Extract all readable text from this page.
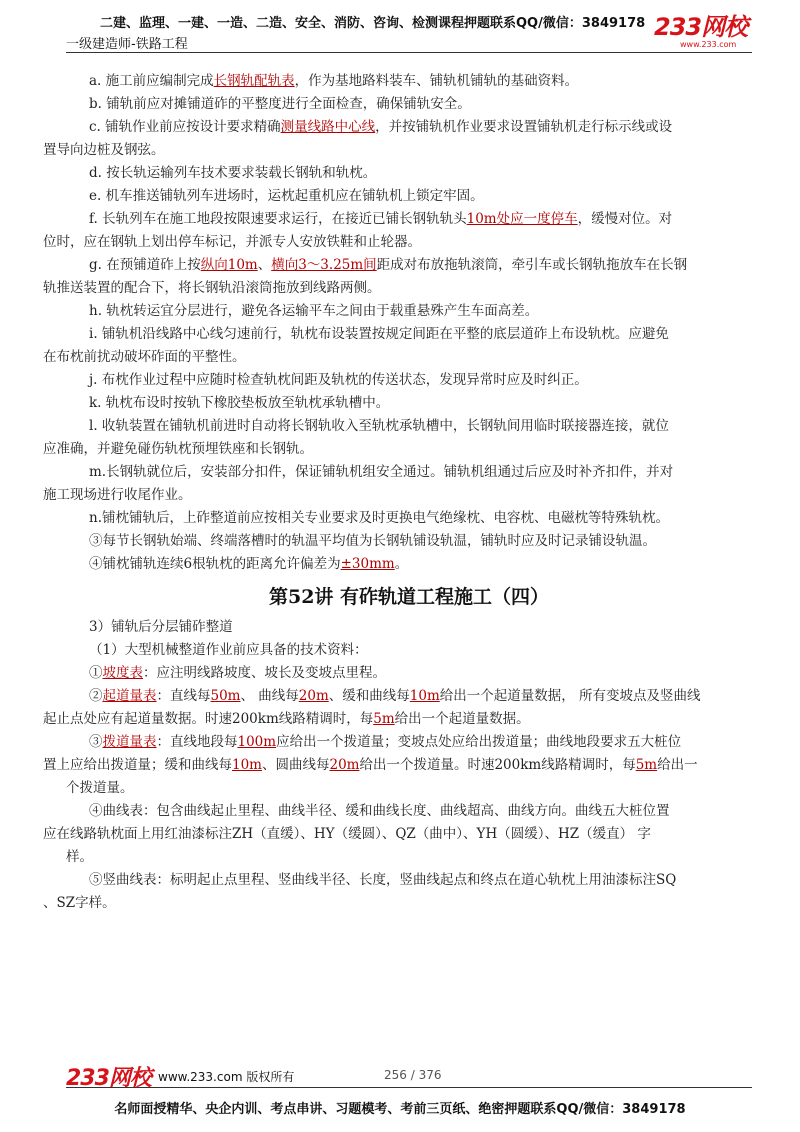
二建、监理、一建、一造、二造、安全、消防、咨询、检测课程押题联系QQ/微信：3849178
一级建造师-铁路工程
233网校
www.233.com
a. 施工前应编制完成长钢轨配轨表，作为基地路料装车、铺轨机铺轨的基础资料。
b. 铺轨前应对摊铺道砟的平整度进行全面检查，确保铺轨安全。
c. 铺轨作业前应按设计要求精确测量线路中心线，并按铺轨机作业要求设置铺轨机走行标示线或设
置导向边桩及钢弦。
d. 按长轨运输列车技术要求装载长钢轨和轨枕。
e. 机车推送铺轨列车进场时，运枕起重机应在铺轨机上锁定牢固。
f. 长轨列车在施工地段按限速要求运行，在接近已铺长钢轨轨头10m处应一度停车，缓慢对位。对
位时，应在钢轨上划出停车标记，并派专人安放铁鞋和止轮器。
g. 在预铺道砟上按纵向10m、横向3～3.25m间距成对布放拖轨滚筒，牵引车或长钢轨拖放车在长钢
轨推送装置的配合下，将长钢轨沿滚筒拖放到线路两侧。
h. 轨枕转运宜分层进行，避免各运输平车之间由于载重悬殊产生车面高差。
i. 铺轨机沿线路中心线匀速前行，轨枕布设装置按规定间距在平整的底层道砟上布设轨枕。应避免
在布枕前扰动破坏砟面的平整性。
j. 布枕作业过程中应随时检查轨枕间距及轨枕的传送状态，发现异常时应及时纠正。
k. 轨枕布设时按轨下橡胶垫板放至轨枕承轨槽中。
l. 收轨装置在铺轨机前进时自动将长钢轨收入至轨枕承轨槽中，长钢轨间用临时联接器连接，就位
应准确，并避免碰伤轨枕预埋铁座和长钢轨。
m.长钢轨就位后，安装部分扣件，保证铺轨机组安全通过。铺轨机组通过后应及时补齐扣件，并对
施工现场进行收尾作业。
n.铺枕铺轨后，上砟整道前应按相关专业要求及时更换电气绝缘枕、电容枕、电磁枕等特殊轨枕。
③每节长钢轨始端、终端落槽时的轨温平均值为长钢轨铺设轨温，铺轨时应及时记录铺设轨温。
④铺枕铺轨连续6根轨枕的距离允许偏差为±30mm。
第52讲 有砟轨道工程施工（四）
3）铺轨后分层铺砟整道
（1）大型机械整道作业前应具备的技术资料：
①坡度表：应注明线路坡度、坡长及变坡点里程。
②起道量表：直线每50m、 曲线每20m、缓和曲线每10m给出一个起道量数据， 所有变坡点及竖曲线
起止点处应有起道量数据。时速200km线路精调时，每5m给出一个起道量数据。
③拨道量表：直线地段每100m应给出一个拨道量；变坡点处应给出拨道量；曲线地段要求五大桩位
置上应给出拨道量；缓和曲线每10m、圆曲线每20m给出一个拨道量。时速200km线路精调时，每5m给出一
个拨道量。
④曲线表：包含曲线起止里程、曲线半径、缓和曲线长度、曲线超高、曲线方向。曲线五大桩位置
应在线路轨枕面上用红油漆标注ZH（直缓）、HY（缓圆）、QZ（曲中）、YH（圆缓）、HZ（缓直） 字
样。
⑤竖曲线表：标明起止点里程、竖曲线半径、长度，竖曲线起点和终点在道心轨枕上用油漆标注SQ
、SZ字样。
233网校 www.233.com 版权所有	256 / 376
名师面授精华、央企内训、考点串讲、习题模考、考前三页纸、绝密押题联系QQ/微信：3849178
